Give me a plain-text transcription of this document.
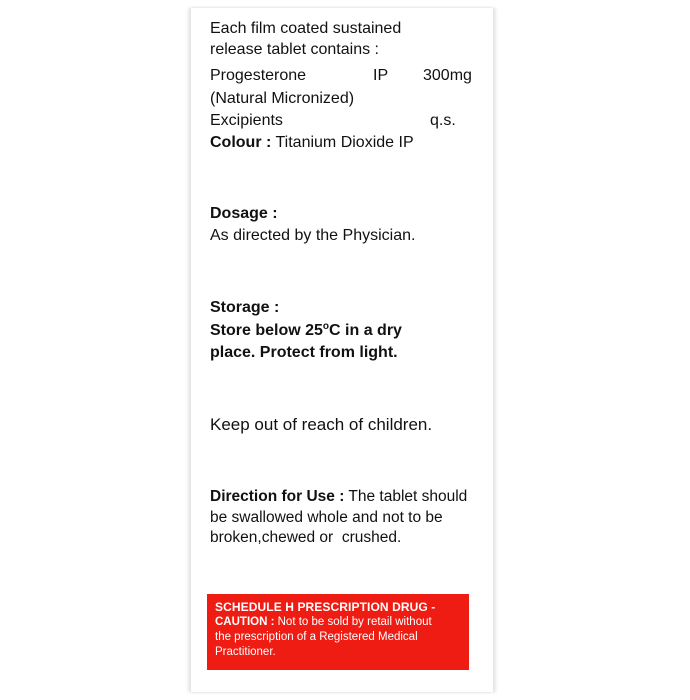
Each film coated sustained
release tablet contains :
Progesterone	IP 300mg
(Natural Micronized)
Excipients	q.s.
Colour : Titanium Dioxide IP
Dosage :
As directed by the Physician.
Storage :
Store below 25$^o$C in a dry
place. Protect from light.
Keep out of reach of children.
Direction for Use : The tablet should
be swallowed whole and not to be
broken,chewed or  crushed.
SCHEDULE H PRESCRIPTION DRUG -
CAUTION : Not to be sold by retail without
the prescription of a Registered Medical
Practitioner.
